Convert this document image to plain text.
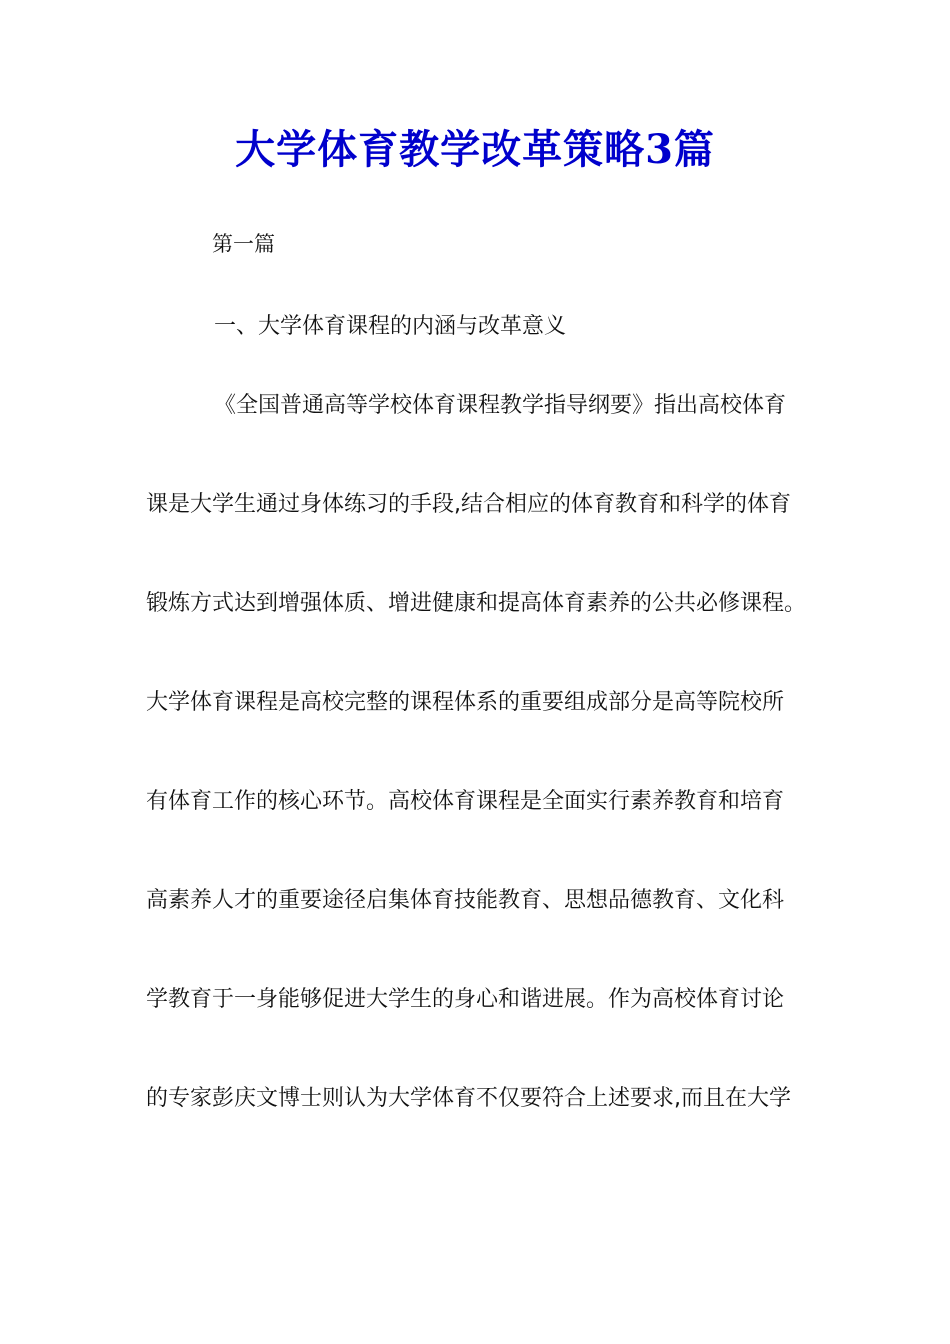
大学体育教学改革策略3篇
第一篇
一、大学体育课程的内涵与改革意义
《全国普通高等学校体育课程教学指导纲要》指出高校体育
课是大学生通过身体练习的手段,结合相应的体育教育和科学的体育
锻炼方式达到增强体质、增进健康和提高体育素养的公共必修课程。
大学体育课程是高校完整的课程体系的重要组成部分是高等院校所
有体育工作的核心环节。高校体育课程是全面实行素养教育和培育
高素养人才的重要途径启集体育技能教育、思想品德教育、文化科
学教育于一身能够促进大学生的身心和谐进展。作为高校体育讨论
的专家彭庆文博士则认为大学体育不仅要符合上述要求,而且在大学
